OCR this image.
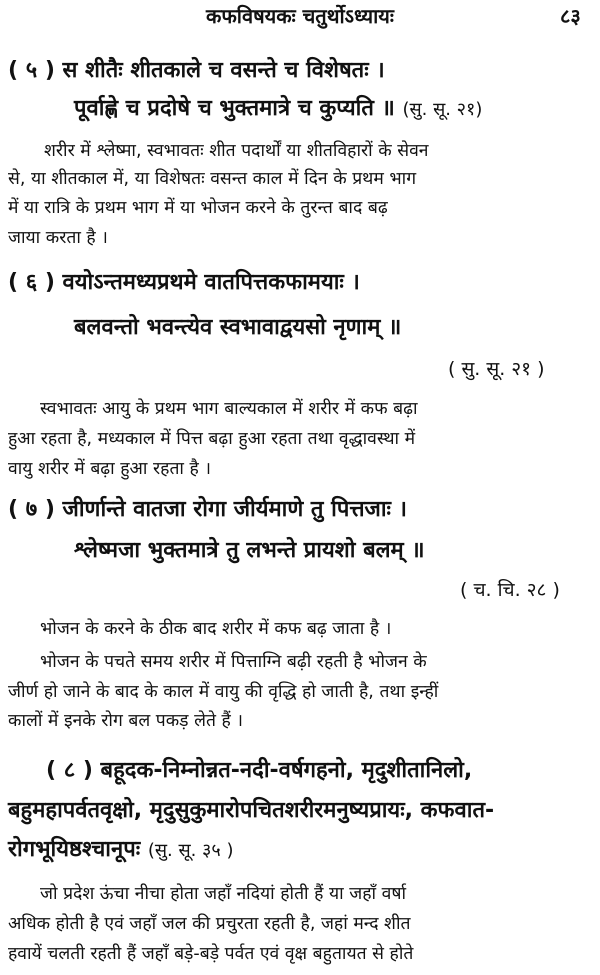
कफविषयकः चतुर्थोऽध्यायः	८३
( ५ ) स शीतैः शीतकाले च वसन्ते च विशेषतः ।
पूर्वाह्णे च प्रदोषे च भुक्तमात्रे च कुप्यति ॥ (सु. सू. २१)
शरीर में श्लेष्मा, स्वभावतः शीत पदार्थों या शीतविहारों के सेवन
से, या शीतकाल में, या विशेषतः वसन्त काल में दिन के प्रथम भाग
में या रात्रि के प्रथम भाग में या भोजन करने के तुरन्त बाद बढ़
जाया करता है ।
( ६ ) वयोऽन्तमध्यप्रथमे वातपित्तकफामयाः ।
बलवन्तो भवन्त्येव स्वभावाद्वयसो नृणाम् ॥
( सु. सू. २१ )
स्वभावतः आयु के प्रथम भाग बाल्यकाल में शरीर में कफ बढ़ा
हुआ रहता है, मध्यकाल में पित्त बढ़ा हुआ रहता तथा वृद्धावस्था में
वायु शरीर में बढ़ा हुआ रहता है ।
( ७ ) जीर्णान्ते वातजा रोगा जीर्यमाणे तु पित्तजाः ।
श्लेष्मजा भुक्तमात्रे तु लभन्ते प्रायशो बलम् ॥
( च. चि. २८ )
भोजन के करने के ठीक बाद शरीर में कफ बढ़ जाता है ।
भोजन के पचते समय शरीर में पित्ताग्नि बढ़ी रहती है भोजन के
जीर्ण हो जाने के बाद के काल में वायु की वृद्धि हो जाती है, तथा इन्हीं
कालों में इनके रोग बल पकड़ लेते हैं ।
( ८ ) बहूदक-निम्नोन्नत-नदी-वर्षगहनो, मृदुशीतानिलो,
बहुमहापर्वतवृक्षो, मृदुसुकुमारोपचितशरीरमनुष्यप्रायः, कफवात-
रोगभूयिष्ठश्चानूपः (सु. सू. ३५ )
जो प्रदेश ऊंचा नीचा होता जहाँ नदियां होती हैं या जहाँ वर्षा
अधिक होती है एवं जहाँ जल की प्रचुरता रहती है, जहां मन्द शीत
हवायें चलती रहती हैं जहाँ बड़े-बड़े पर्वत एवं वृक्ष बहुतायत से होते
